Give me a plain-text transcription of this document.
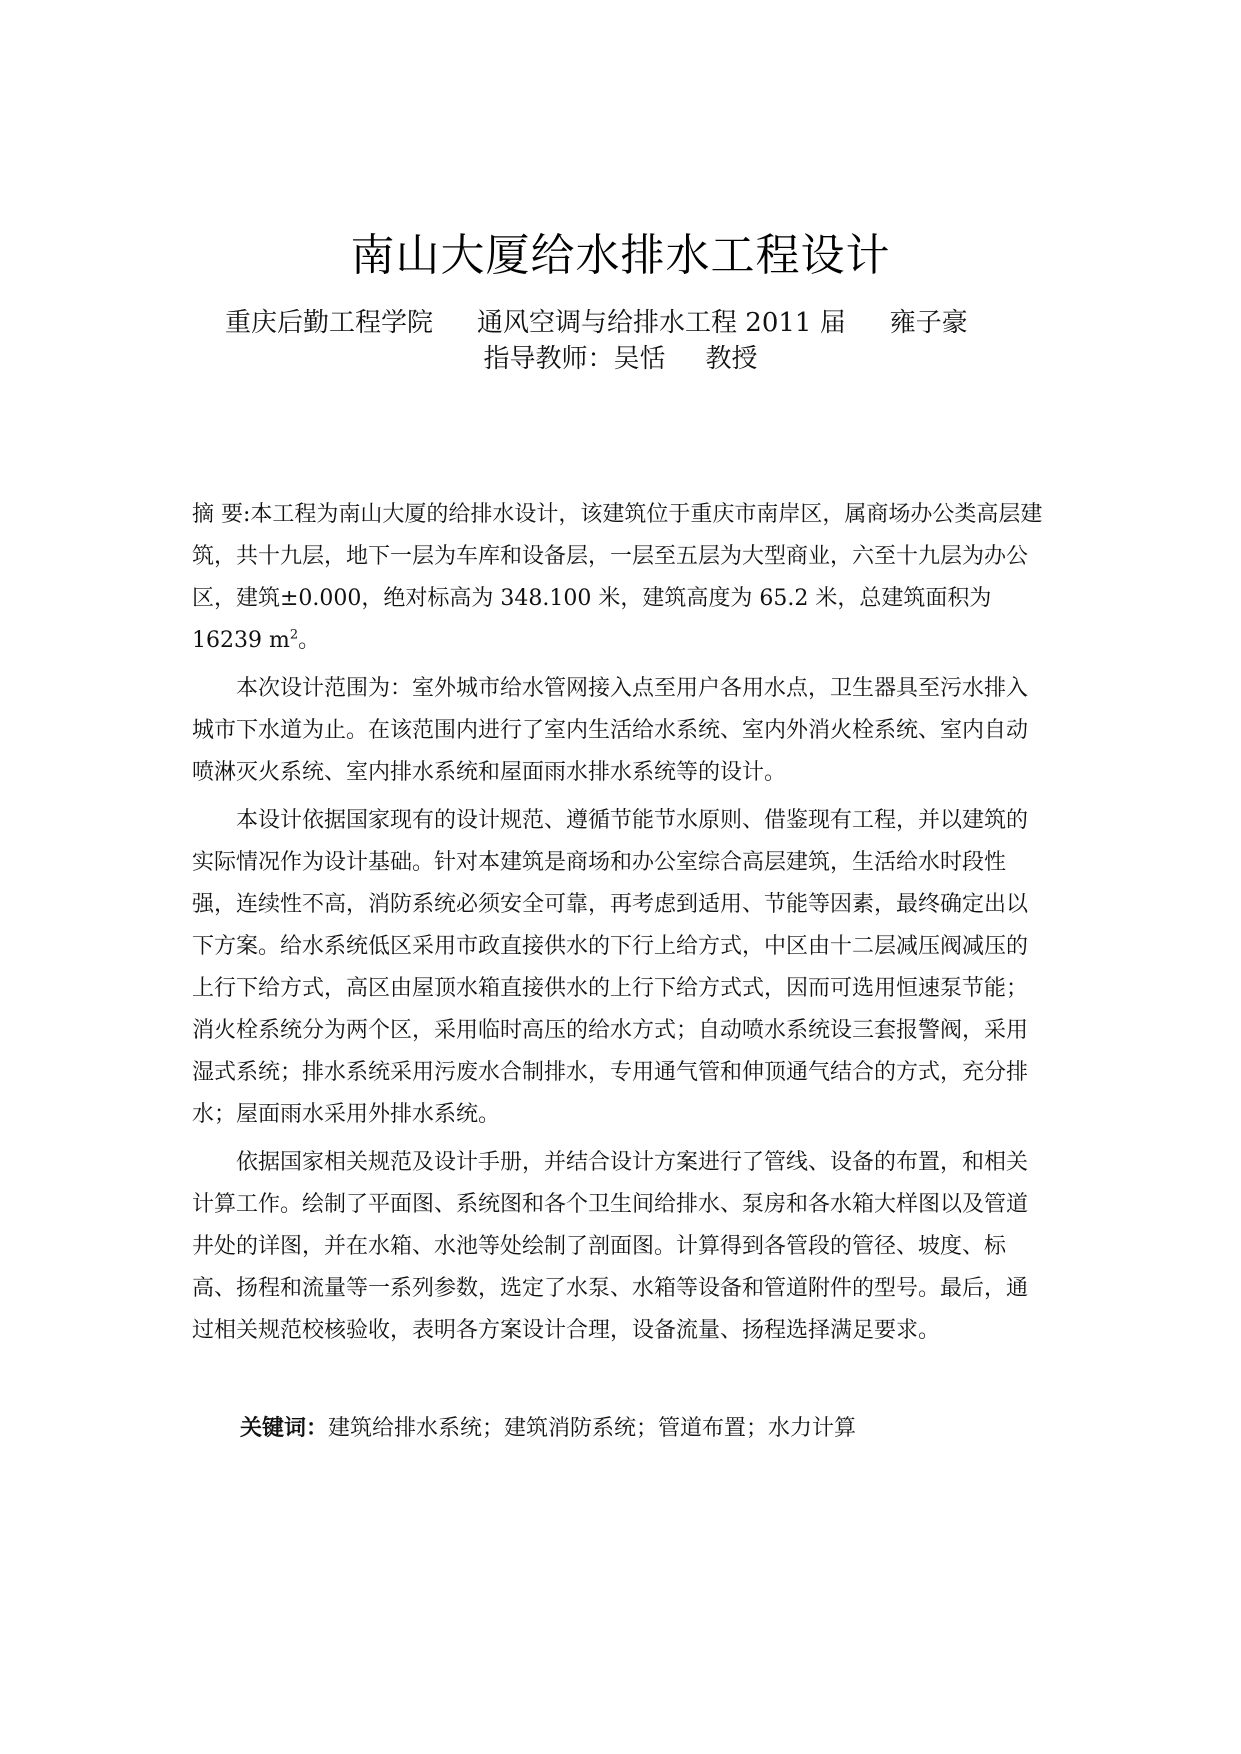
南山大厦给水排水工程设计
重庆后勤工程学院 通风空调与给排水工程 2011 届 雍子豪
指导教师：吴恬 教授

摘 要:本工程为南山大厦的给排水设计，该建筑位于重庆市南岸区，属商场办公类高层建筑，共十九层，地下一层为车库和设备层，一层至五层为大型商业，六至十九层为办公区，建筑±0.000，绝对标高为 348.100 米，建筑高度为 65.2 米，总建筑面积为 16239 $m^2$。

本次设计范围为：室外城市给水管网接入点至用户各用水点，卫生器具至污水排入城市下水道为止。在该范围内进行了室内生活给水系统、室内外消火栓系统、室内自动喷淋灭火系统、室内排水系统和屋面雨水排水系统等的设计。

本设计依据国家现有的设计规范、遵循节能节水原则、借鉴现有工程，并以建筑的实际情况作为设计基础。针对本建筑是商场和办公室综合高层建筑，生活给水时段性强，连续性不高，消防系统必须安全可靠，再考虑到适用、节能等因素，最终确定出以下方案。给水系统低区采用市政直接供水的下行上给方式，中区由十二层减压阀减压的上行下给方式，高区由屋顶水箱直接供水的上行下给方式式，因而可选用恒速泵节能；消火栓系统分为两个区，采用临时高压的给水方式；自动喷水系统设三套报警阀，采用湿式系统；排水系统采用污废水合制排水，专用通气管和伸顶通气结合的方式，充分排水；屋面雨水采用外排水系统。

依据国家相关规范及设计手册，并结合设计方案进行了管线、设备的布置，和相关计算工作。绘制了平面图、系统图和各个卫生间给排水、泵房和各水箱大样图以及管道井处的详图，并在水箱、水池等处绘制了剖面图。计算得到各管段的管径、坡度、标高、扬程和流量等一系列参数，选定了水泵、水箱等设备和管道附件的型号。最后，通过相关规范校核验收，表明各方案设计合理，设备流量、扬程选择满足要求。

关键词：建筑给排水系统；建筑消防系统；管道布置；水力计算
